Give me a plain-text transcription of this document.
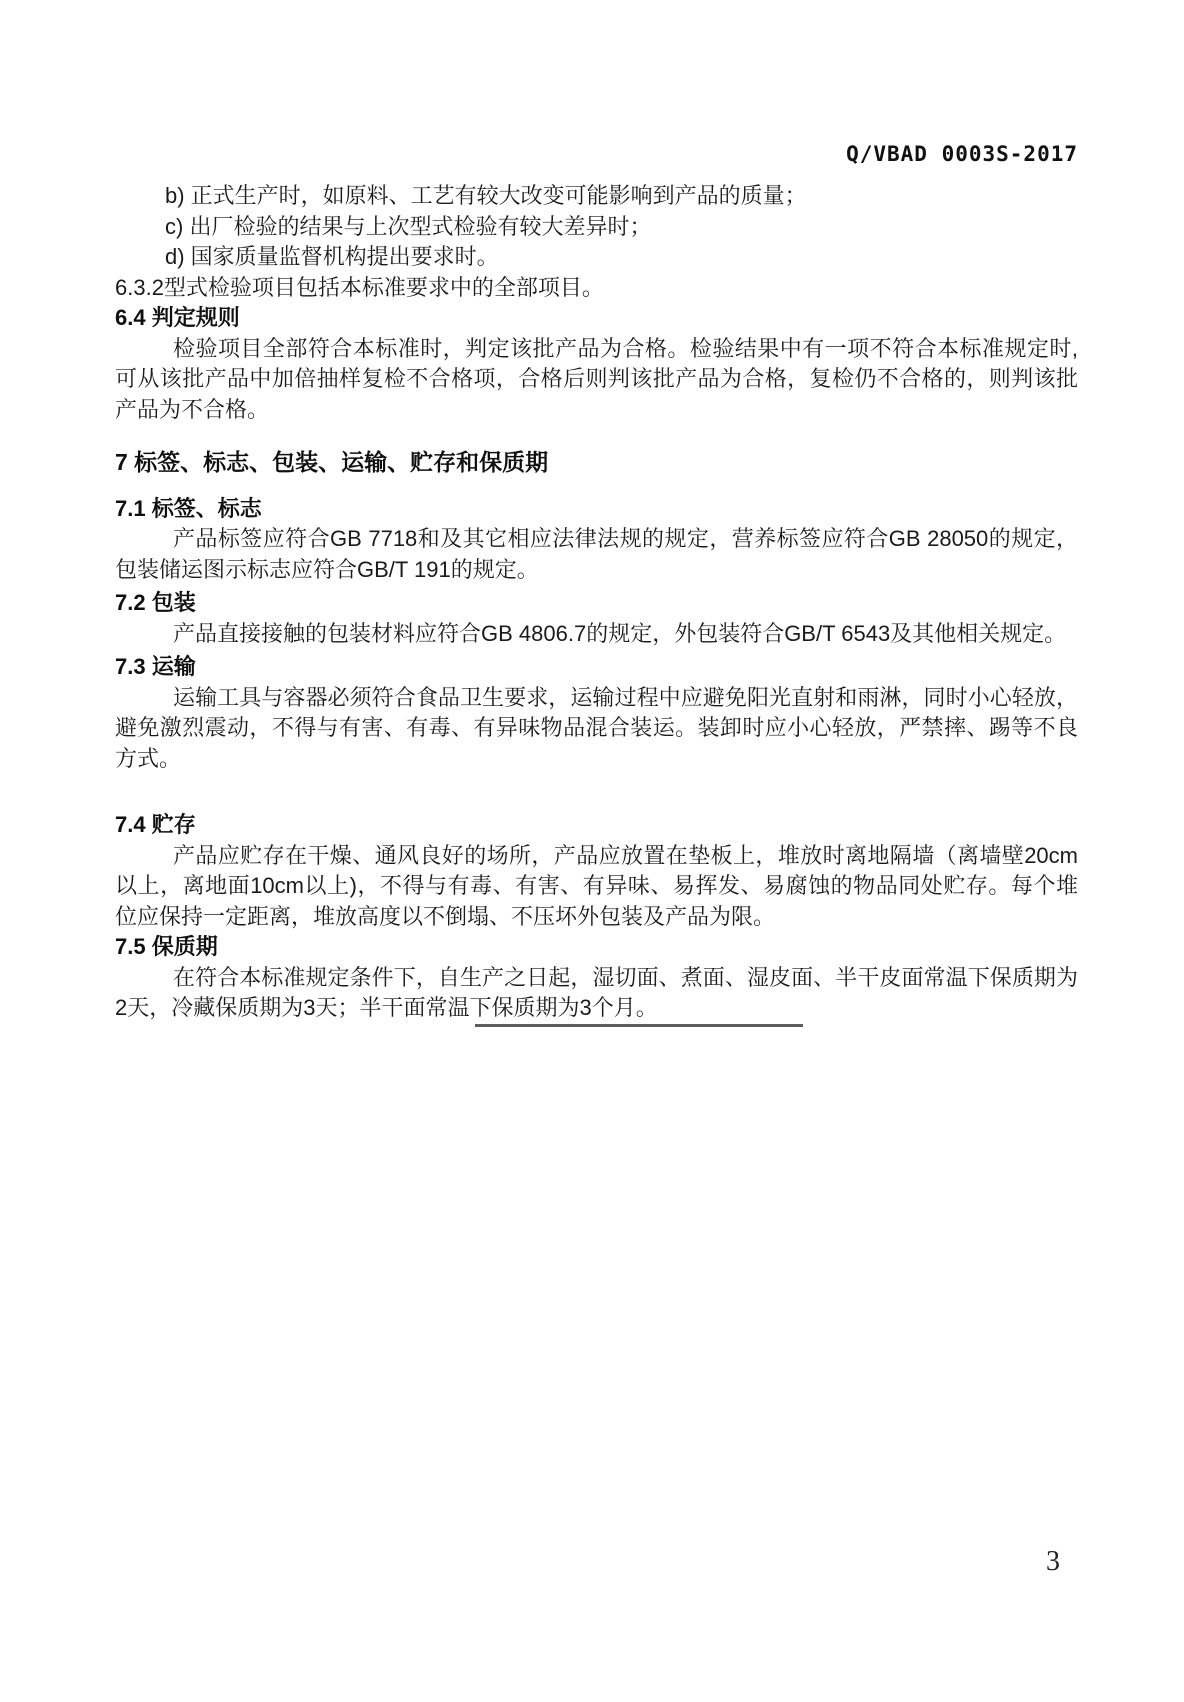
Q/VBAD 0003S-2017
b) 正式生产时，如原料、工艺有较大改变可能影响到产品的质量；
c) 出厂检验的结果与上次型式检验有较大差异时；
d) 国家质量监督机构提出要求时。
6.3.2型式检验项目包括本标准要求中的全部项目。
6.4 判定规则
检验项目全部符合本标准时，判定该批产品为合格。检验结果中有一项不符合本标准规定时,可从该批产品中加倍抽样复检不合格项，合格后则判该批产品为合格，复检仍不合格的，则判该批产品为不合格。
7 标签、标志、包装、运输、贮存和保质期
7.1 标签、标志
产品标签应符合GB 7718和及其它相应法律法规的规定，营养标签应符合GB 28050的规定，包装储运图示标志应符合GB/T 191的规定。
7.2 包装
产品直接接触的包装材料应符合GB 4806.7的规定，外包装符合GB/T 6543及其他相关规定。
7.3 运输
运输工具与容器必须符合食品卫生要求，运输过程中应避免阳光直射和雨淋，同时小心轻放，避免激烈震动，不得与有害、有毒、有异味物品混合装运。装卸时应小心轻放，严禁摔、踢等不良方式。
7.4 贮存
产品应贮存在干燥、通风良好的场所，产品应放置在垫板上，堆放时离地隔墙（离墙壁20cm以上，离地面10cm以上)，不得与有毒、有害、有异味、易挥发、易腐蚀的物品同处贮存。每个堆位应保持一定距离，堆放高度以不倒塌、不压坏外包装及产品为限。
7.5 保质期
在符合本标准规定条件下，自生产之日起，湿切面、煮面、湿皮面、半干皮面常温下保质期为2天，冷藏保质期为3天；半干面常温下保质期为3个月。
3
